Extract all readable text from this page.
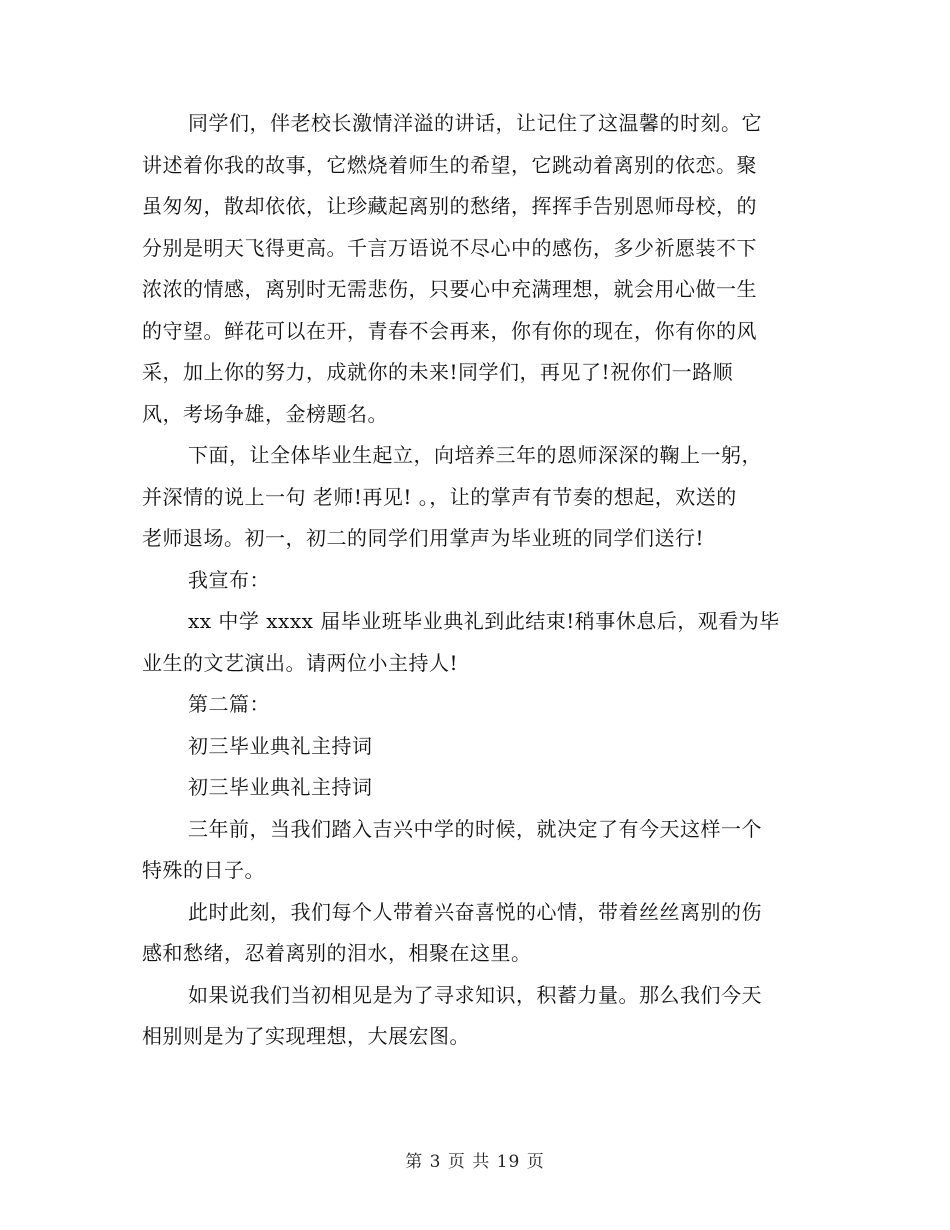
同学们，伴老校长激情洋溢的讲话，让记住了这温馨的时刻。它
讲述着你我的故事，它燃烧着师生的希望，它跳动着离别的依恋。聚
虽匆匆，散却依依，让珍藏起离别的愁绪，挥挥手告别恩师母校，的
分别是明天飞得更高。千言万语说不尽心中的感伤，多少祈愿装不下
浓浓的情感，离别时无需悲伤，只要心中充满理想，就会用心做一生
的守望。鲜花可以在开，青春不会再来，你有你的现在，你有你的风
采，加上你的努力，成就你的未来!同学们，再见了!祝你们一路顺
风，考场争雄，金榜题名。
下面，让全体毕业生起立，向培养三年的恩师深深的鞠上一躬，
并深情的说上一句 老师!再见! 。，让的掌声有节奏的想起，欢送的
老师退场。初一，初二的同学们用掌声为毕业班的同学们送行!
我宣布：
xx 中学 xxxx 届毕业班毕业典礼到此结束!稍事休息后，观看为毕
业生的文艺演出。请两位小主持人!
第二篇：
初三毕业典礼主持词
初三毕业典礼主持词
三年前，当我们踏入吉兴中学的时候，就决定了有今天这样一个
特殊的日子。
此时此刻，我们每个人带着兴奋喜悦的心情，带着丝丝离别的伤
感和愁绪，忍着离别的泪水，相聚在这里。
如果说我们当初相见是为了寻求知识，积蓄力量。那么我们今天
相别则是为了实现理想，大展宏图。
第 3 页 共 19 页
